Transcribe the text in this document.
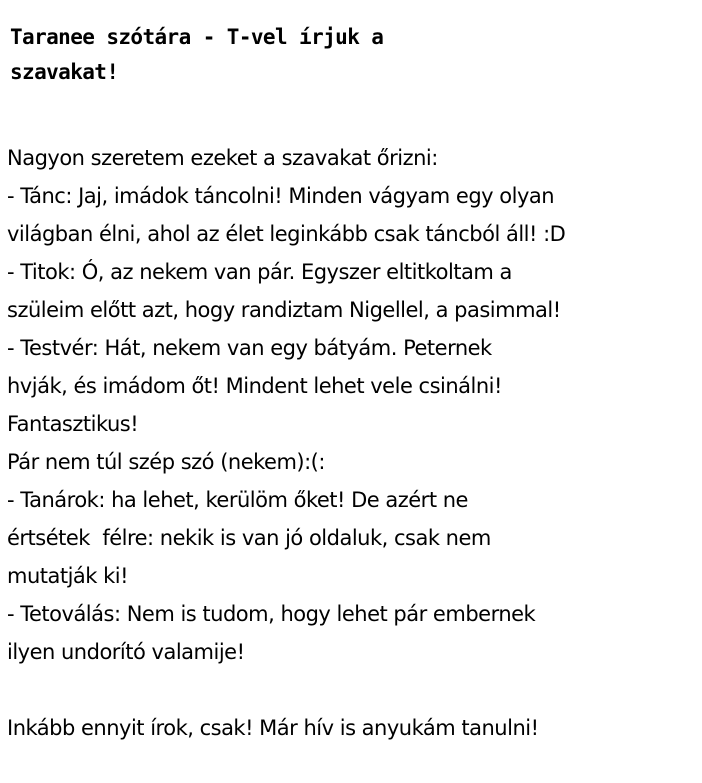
Taranee szótára - T-vel írjuk a
szavakat!
Nagyon szeretem ezeket a szavakat őrizni:
- Tánc: Jaj, imádok táncolni! Minden vágyam egy olyan
világban élni, ahol az élet leginkább csak táncból áll! :D
- Titok: Ó, az nekem van pár. Egyszer eltitkoltam a
szüleim előtt azt, hogy randiztam Nigellel, a pasimmal!
- Testvér: Hát, nekem van egy bátyám. Peternek
hvják, és imádom őt! Mindent lehet vele csinálni!
Fantasztikus!
Pár nem túl szép szó (nekem):(:
- Tanárok: ha lehet, kerülöm őket! De azért ne
értsétek  félre: nekik is van jó oldaluk, csak nem
mutatják ki!
- Tetoválás: Nem is tudom, hogy lehet pár embernek
ilyen undorító valamije!
Inkább ennyit írok, csak! Már hív is anyukám tanulni!
